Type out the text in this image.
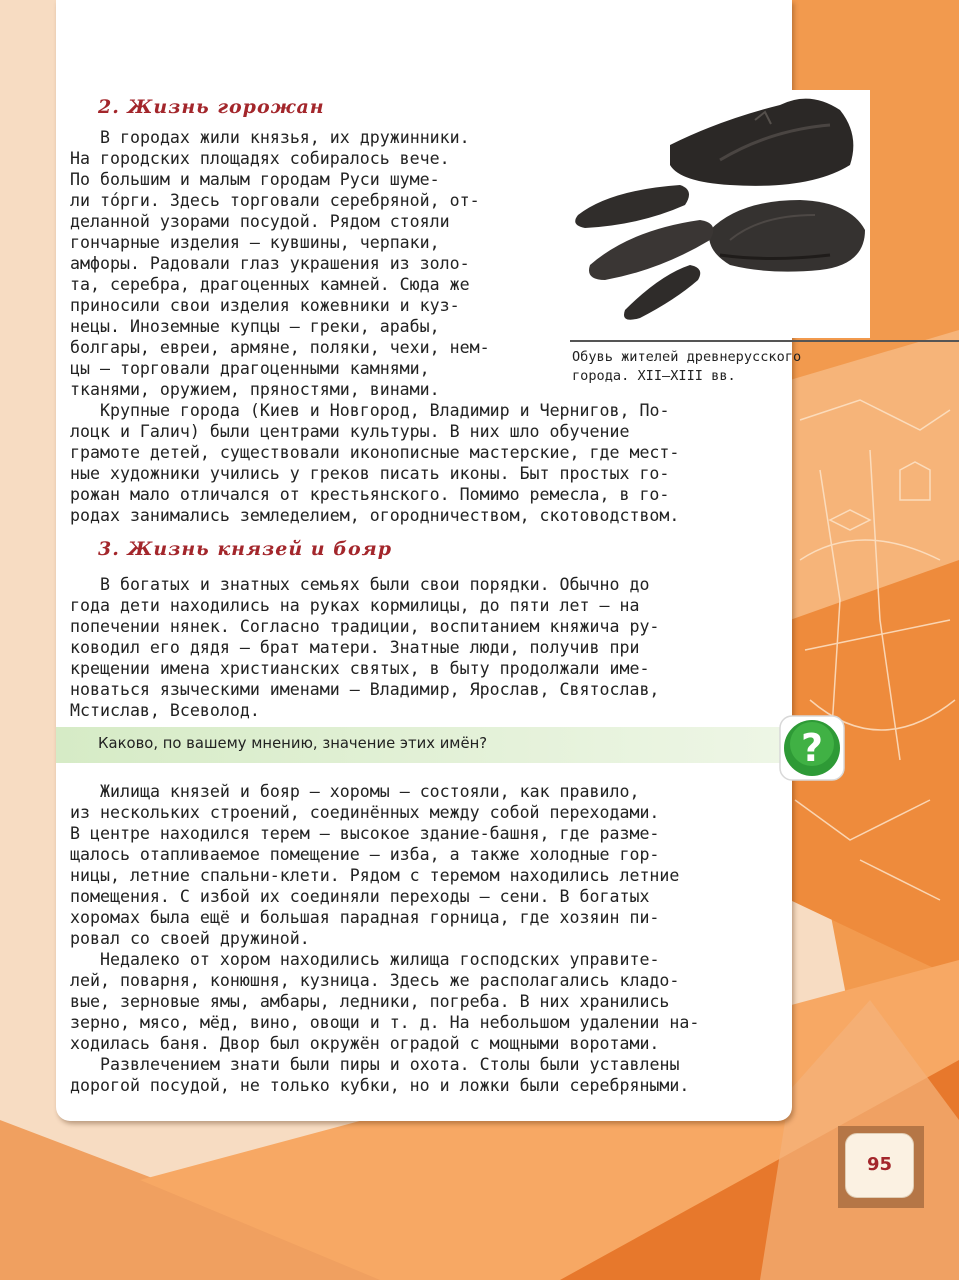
2. Жизнь горожан
В городах жили князья, их дружинники.
На городских площадях собиралось вече.
По большим и малым городам Руси шуме-
ли тóрги. Здесь торговали серебряной, от-
деланной узорами посудой. Рядом стояли
гончарные изделия — кувшины, черпаки,
амфоры. Радовали глаз украшения из золо-
та, серебра, драгоценных камней. Сюда же
приносили свои изделия кожевники и куз-
нецы. Иноземные купцы — греки, арабы,
болгары, евреи, армяне, поляки, чехи, нем-
цы — торговали драгоценными камнями,
тканями, оружием, пряностями, винами.
Обувь жителей древнерусского
города. XII—XIII вв.
Крупные города (Киев и Новгород, Владимир и Чернигов, По-
лоцк и Галич) были центрами культуры. В них шло обучение
грамоте детей, существовали иконописные мастерские, где мест-
ные художники учились у греков писать иконы. Быт простых го-
рожан мало отличался от крестьянского. Помимо ремесла, в го-
родах занимались земледелием, огородничеством, скотоводством.
3. Жизнь князей и бояр
В богатых и знатных семьях были свои порядки. Обычно до
года дети находились на руках кормилицы, до пяти лет — на
попечении нянек. Согласно традиции, воспитанием княжича ру-
ководил его дядя — брат матери. Знатные люди, получив при
крещении имена христианских святых, в быту продолжали име-
новаться языческими именами — Владимир, Ярослав, Святослав,
Мстислав, Всеволод.
Каково, по вашему мнению, значение этих имён?	?
Жилища князей и бояр — хоромы — состояли, как правило,
из нескольких строений, соединённых между собой переходами.
В центре находился терем — высокое здание-башня, где разме-
щалось отапливаемое помещение — изба, а также холодные гор-
ницы, летние спальни-клети. Рядом с теремом находились летние
помещения. С избой их соединяли переходы — сени. В богатых
хоромах была ещё и большая парадная горница, где хозяин пи-
ровал со своей дружиной.
Недалеко от хором находились жилища господских управите-
лей, поварня, конюшня, кузница. Здесь же располагались кладо-
вые, зерновые ямы, амбары, ледники, погреба. В них хранились
зерно, мясо, мёд, вино, овощи и т. д. На небольшом удалении на-
ходилась баня. Двор был окружён оградой с мощными воротами.
Развлечением знати были пиры и охота. Столы были уставлены
дорогой посудой, не только кубки, но и ложки были серебряными.
95
